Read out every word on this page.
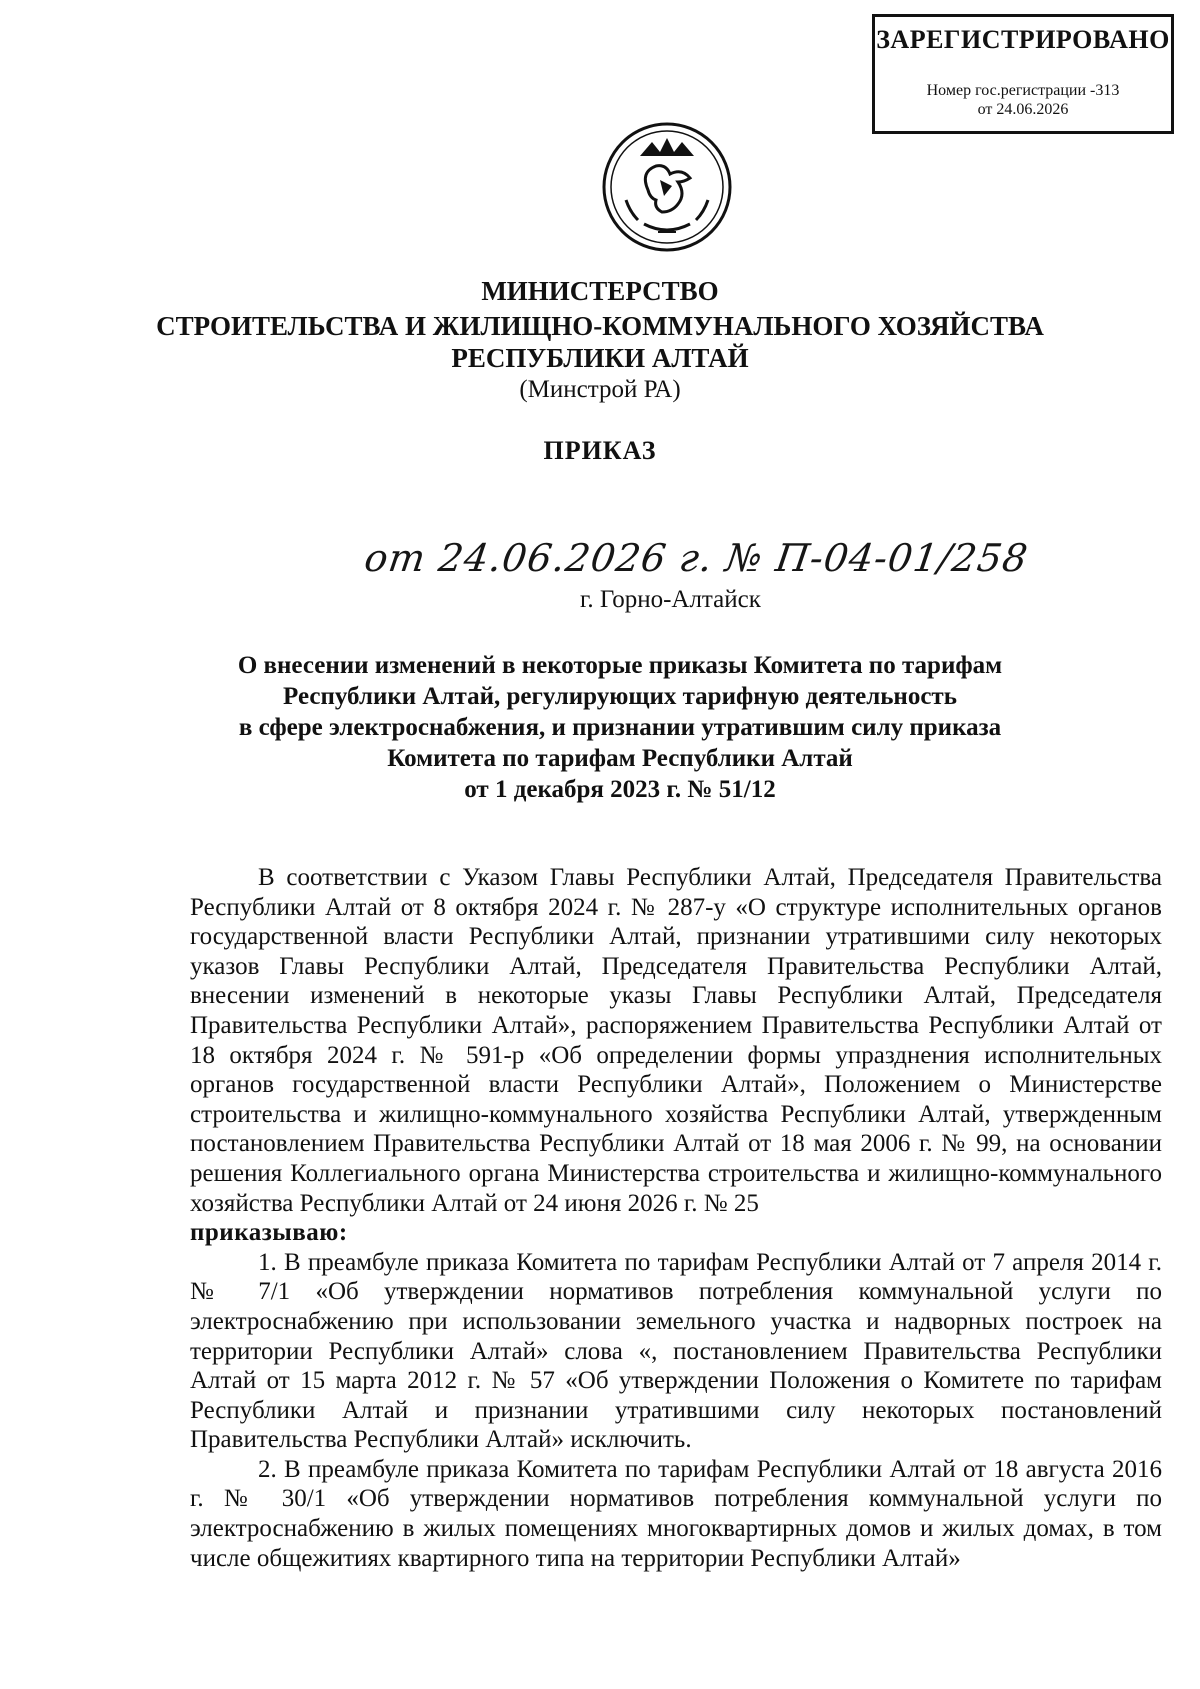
ЗАРЕГИСТРИРОВАНО
Номер гос.регистрации -313
от 24.06.2026
МИНИСТЕРСТВО
СТРОИТЕЛЬСТВА И ЖИЛИЩНО-КОММУНАЛЬНОГО ХОЗЯЙСТВА
РЕСПУБЛИКИ АЛТАЙ
(Минстрой РА)
ПРИКАЗ
от 24.06.2026 г. № П-04-01/258
г. Горно-Алтайск
О внесении изменений в некоторые приказы Комитета по тарифам
Республики Алтай, регулирующих тарифную деятельность
в сфере электроснабжения, и признании утратившим силу приказа
Комитета по тарифам Республики Алтай
от 1 декабря 2023 г. № 51/12

В соответствии с Указом Главы Республики Алтай, Председателя Правительства Республики Алтай от 8 октября 2024 г. № 287-у «О структуре исполнительных органов государственной власти Республики Алтай, признании утратившими силу некоторых указов Главы Республики Алтай, Председателя Правительства Республики Алтай, внесении изменений в некоторые указы Главы Республики Алтай, Председателя Правительства Республики Алтай», распоряжением Правительства Республики Алтай от 18 октября 2024 г. № 591-р «Об определении формы упразднения исполнительных органов государственной власти Республики Алтай», Положением о Министерстве строительства и жилищно-коммунального хозяйства Республики Алтай, утвержденным постановлением Правительства Республики Алтай от 18 мая 2006 г. № 99, на основании решения Коллегиального органа Министерства строительства и жилищно-коммунального хозяйства Республики Алтай от 24 июня 2026 г. № 25

приказываю:

1. В преамбуле приказа Комитета по тарифам Республики Алтай от 7 апреля 2014 г. № 7/1 «Об утверждении нормативов потребления коммунальной услуги по электроснабжению при использовании земельного участка и надворных построек на территории Республики Алтай» слова «, постановлением Правительства Республики Алтай от 15 марта 2012 г. № 57 «Об утверждении Положения о Комитете по тарифам Республики Алтай и признании утратившими силу некоторых постановлений Правительства Республики Алтай» исключить.

2. В преамбуле приказа Комитета по тарифам Республики Алтай от 18 августа 2016 г. № 30/1 «Об утверждении нормативов потребления коммунальной услуги по электроснабжению в жилых помещениях многоквартирных домов и жилых домах, в том числе общежитиях квартирного типа на территории Республики Алтай»
